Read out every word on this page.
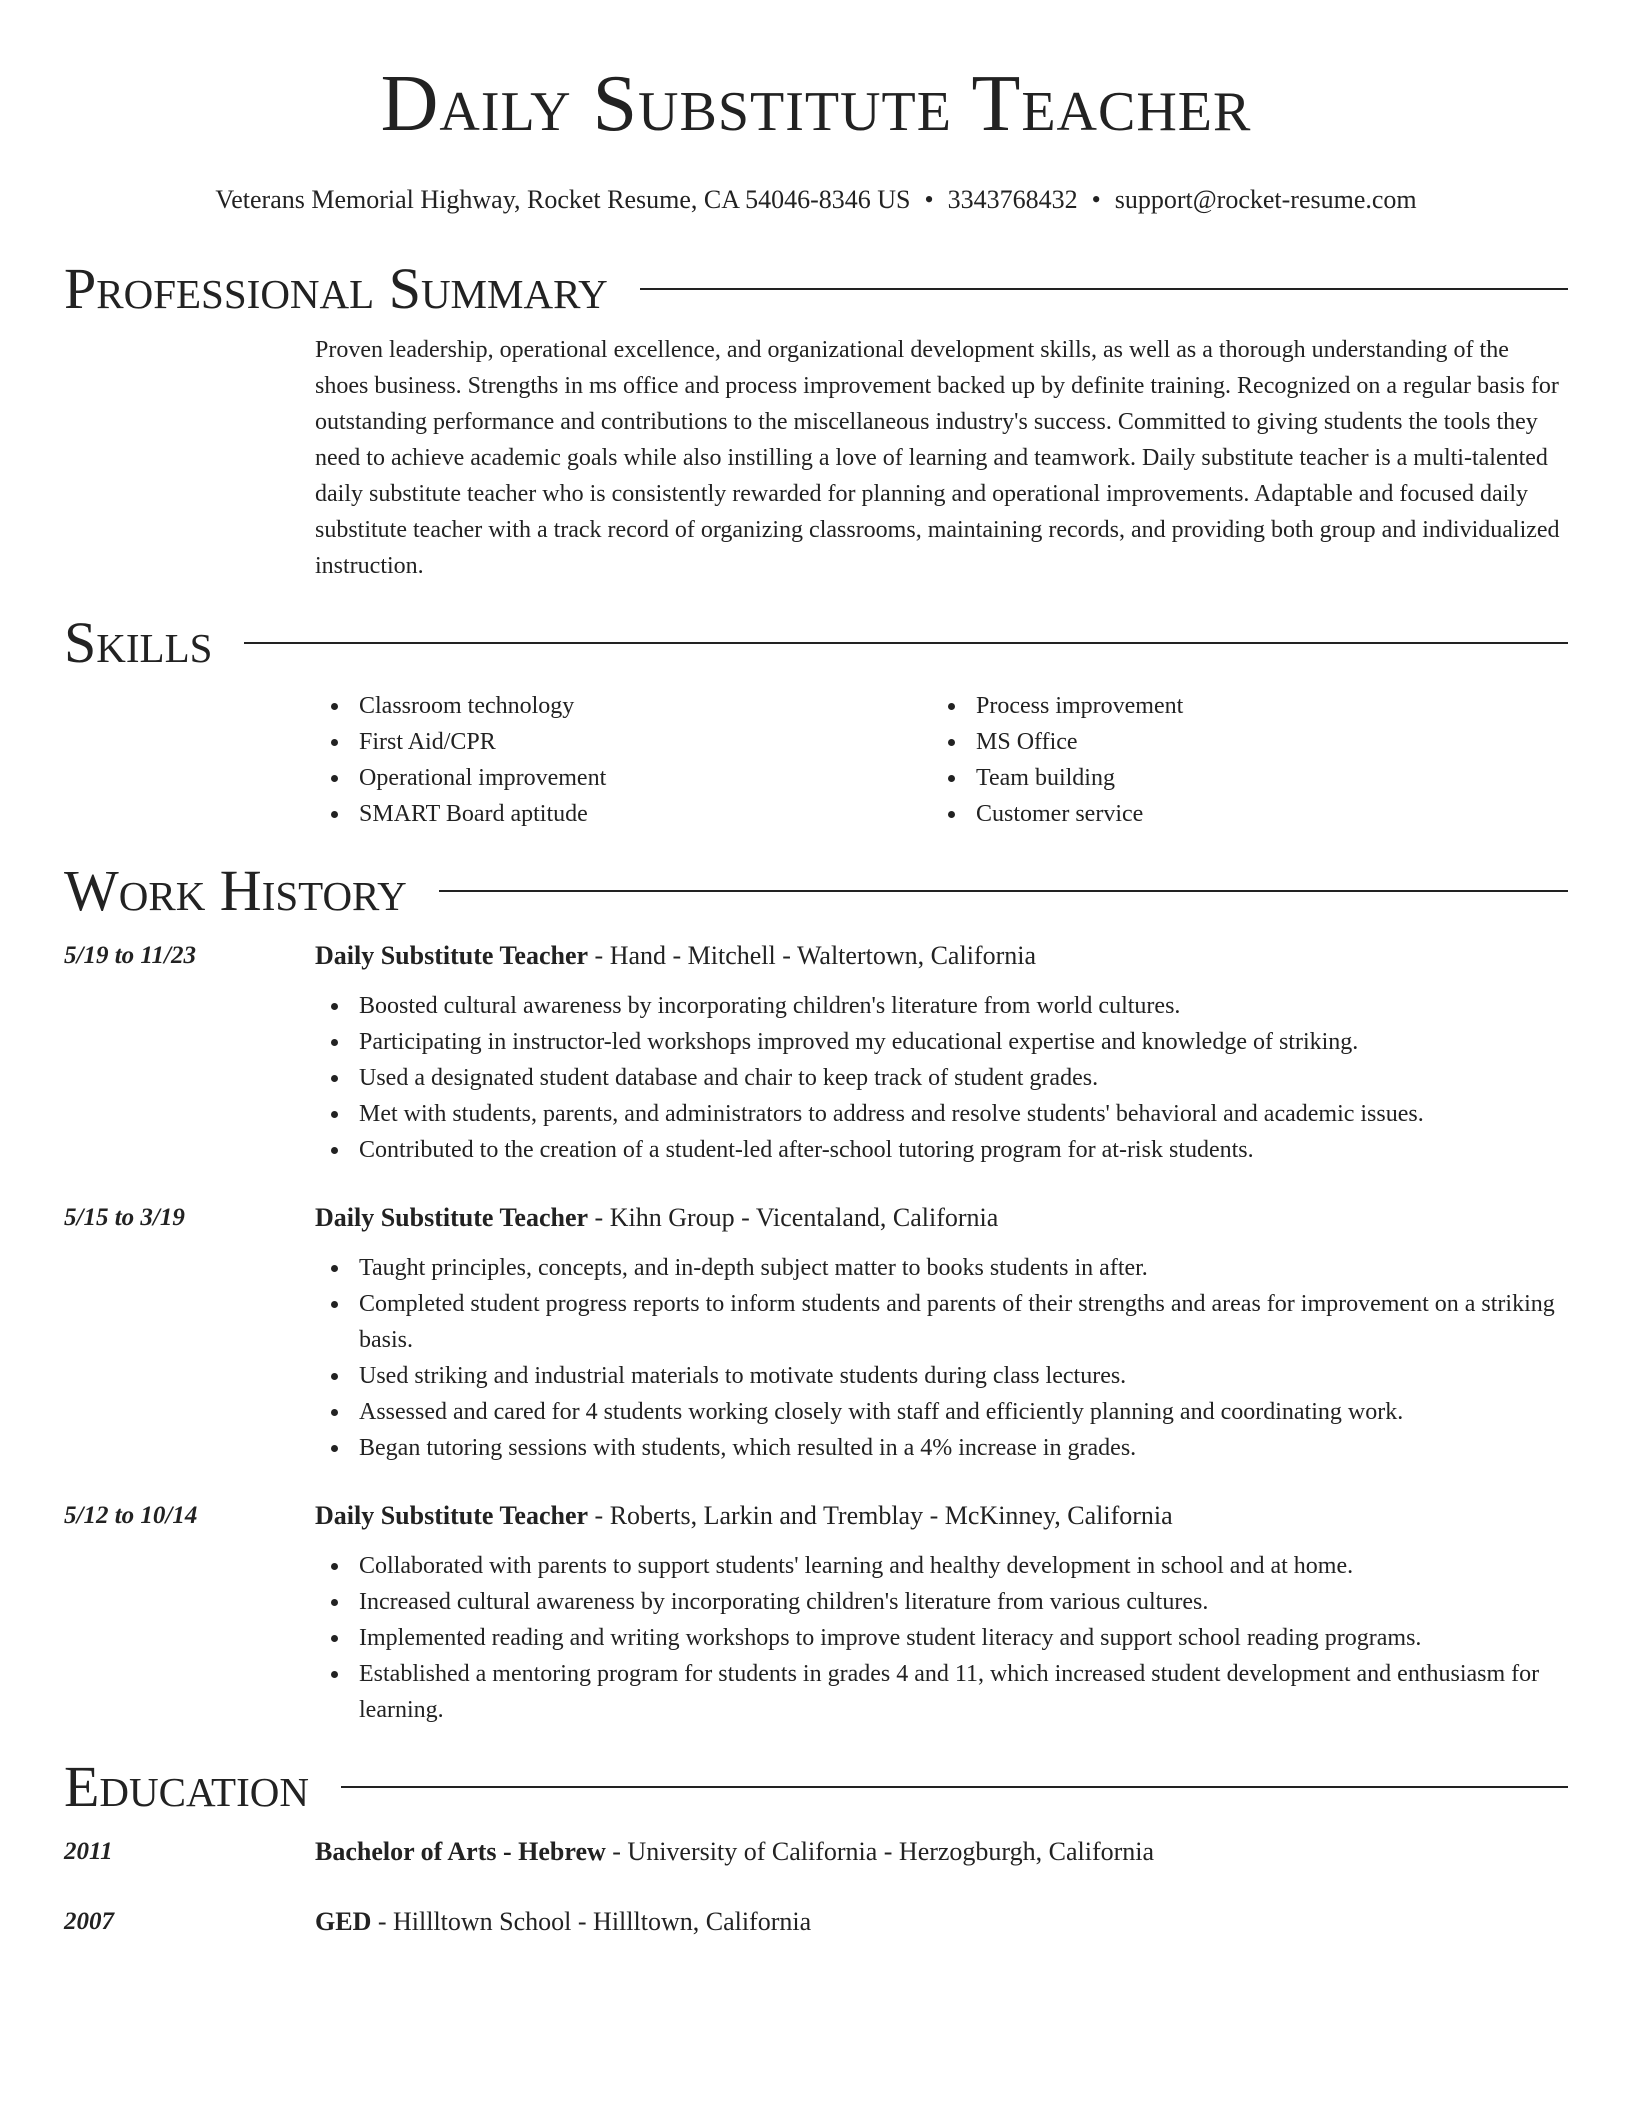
Daily Substitute Teacher
Veterans Memorial Highway, Rocket Resume, CA 54046-8346 US • 3343768432 • support@rocket-resume.com
Professional Summary

Proven leadership, operational excellence, and organizational development skills, as well as a thorough understanding of the shoes business. Strengths in ms office and process improvement backed up by definite training. Recognized on a regular basis for outstanding performance and contributions to the miscellaneous industry's success. Committed to giving students the tools they need to achieve academic goals while also instilling a love of learning and teamwork. Daily substitute teacher is a multi-talented daily substitute teacher who is consistently rewarded for planning and operational improvements. Adaptable and focused daily substitute teacher with a track record of organizing classrooms, maintaining records, and providing both group and individualized instruction.

Skills
Classroom technology
First Aid/CPR
Operational improvement
SMART Board aptitude
Process improvement
MS Office
Team building
Customer service
Work History
5/19 to 11/23	Daily Substitute Teacher - Hand - Mitchell - Waltertown, California
Boosted cultural awareness by incorporating children's literature from world cultures.
Participating in instructor-led workshops improved my educational expertise and knowledge of striking.
Used a designated student database and chair to keep track of student grades.
Met with students, parents, and administrators to address and resolve students' behavioral and academic issues.
Contributed to the creation of a student-led after-school tutoring program for at-risk students.
5/15 to 3/19	Daily Substitute Teacher - Kihn Group - Vicentaland, California
Taught principles, concepts, and in-depth subject matter to books students in after.
Completed student progress reports to inform students and parents of their strengths and areas for improvement on a striking basis.
Used striking and industrial materials to motivate students during class lectures.
Assessed and cared for 4 students working closely with staff and efficiently planning and coordinating work.
Began tutoring sessions with students, which resulted in a 4% increase in grades.
5/12 to 10/14	Daily Substitute Teacher - Roberts, Larkin and Tremblay - McKinney, California
Collaborated with parents to support students' learning and healthy development in school and at home.
Increased cultural awareness by incorporating children's literature from various cultures.
Implemented reading and writing workshops to improve student literacy and support school reading programs.
Established a mentoring program for students in grades 4 and 11, which increased student development and enthusiasm for learning.
Education
2011	Bachelor of Arts - Hebrew - University of California - Herzogburgh, California
2007	GED - Hillltown School - Hillltown, California
